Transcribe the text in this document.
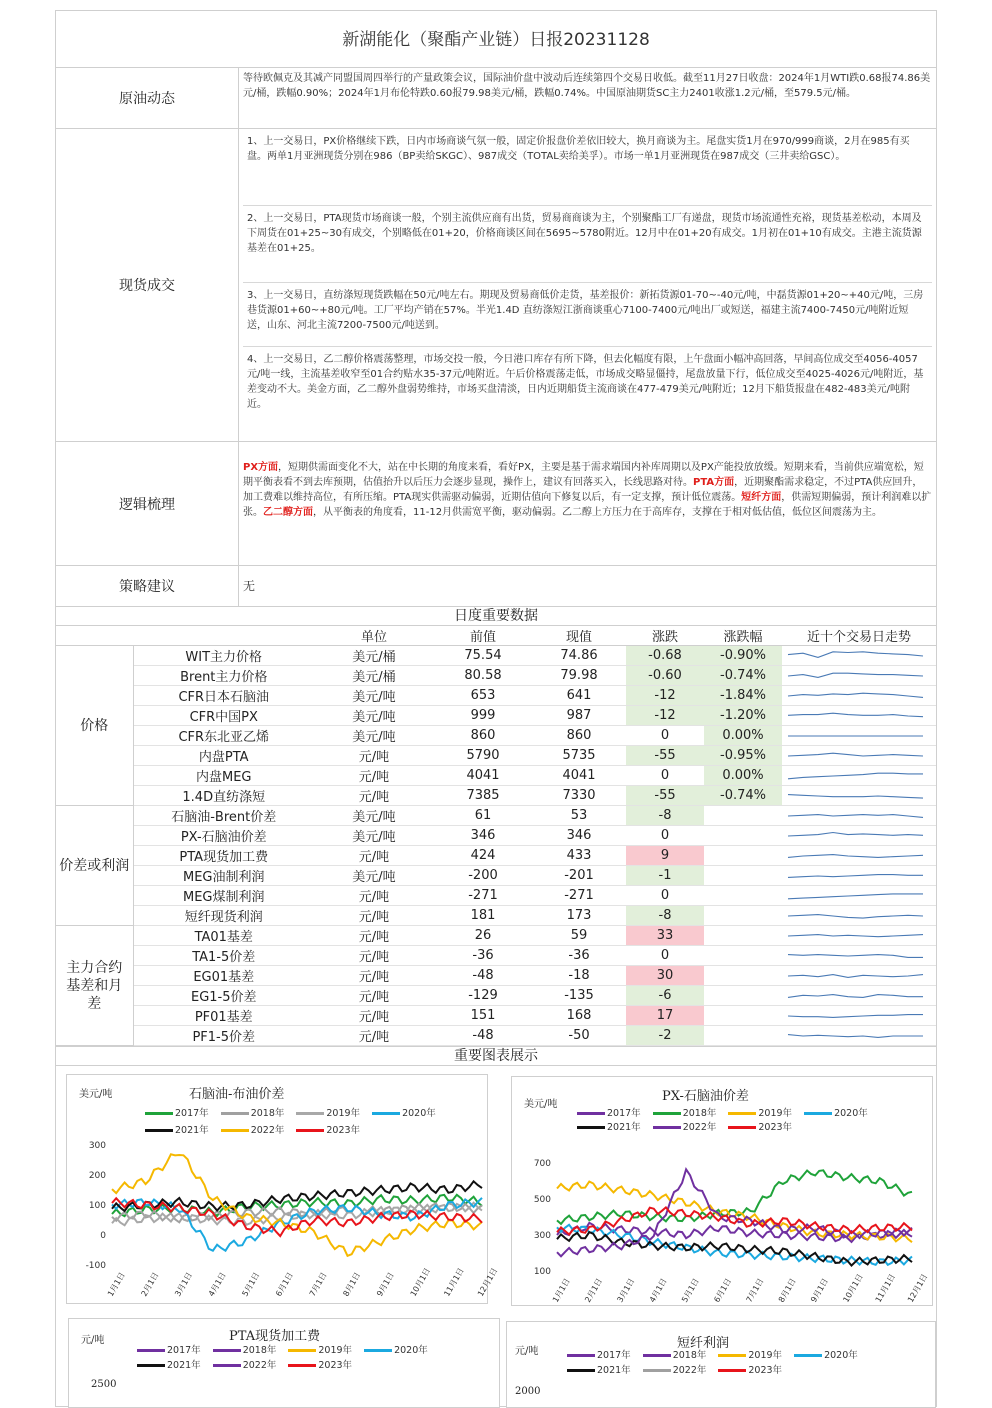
新湖能化（聚酯产业链）日报20231128
原油动态
等待欧佩克及其减产同盟国周四举行的产量政策会议，国际油价盘中波动后连续第四个交易日收低。截至11月27日收盘：2024年1月WTI跌0.68报74.86美元/桶，跌幅0.90%；2024年1月布伦特跌0.60报79.98美元/桶，跌幅0.74%。中国原油期货SC主力2401收涨1.2元/桶，至579.5元/桶。
现货成交
1、上一交易日，PX价格继续下跌，日内市场商谈气氛一般，固定价报盘价差依旧较大，换月商谈为主。尾盘实货1月在970/999商谈，2月在985有买盘。两单1月亚洲现货分别在986（BP卖给SKGC）、987成交（TOTAL卖给美孚）。市场一单1月亚洲现货在987成交（三井卖给GSC）。
2、上一交易日，PTA现货市场商谈一般，个别主流供应商有出货，贸易商商谈为主，个别聚酯工厂有递盘，现货市场流通性充裕，现货基差松动，本周及下周货在01+25~30有成交，个别略低在01+20，价格商谈区间在5695~5780附近。12月中在01+20有成交。1月初在01+10有成交。主港主流货源基差在01+25。
3、上一交易日，直纺涤短现货跌幅在50元/吨左右。期现及贸易商低价走货，基差报价：新拓货源01-70~-40元/吨，中磊货源01+20~+40元/吨，三房巷货源01+60~+80元/吨。工厂平均产销在57%。半光1.4D 直纺涤短江浙商谈重心7100-7400元/吨出厂或短送，福建主流7400-7450元/吨附近短送，山东、河北主流7200-7500元/吨送到。
4、上一交易日，乙二醇价格震荡整理，市场交投一般，今日港口库存有所下降，但去化幅度有限，上午盘面小幅冲高回落，早间高位成交至4056-4057元/吨一线，主流基差收窄至01合约贴水35-37元/吨附近。午后价格震荡走低，市场成交略显僵持，尾盘放量下行，低位成交至4025-4026元/吨附近，基差变动不大。美金方面，乙二醇外盘弱势维持，市场买盘清淡，日内近期船货主流商谈在477-479美元/吨附近；12月下船货报盘在482-483美元/吨附近。
逻辑梳理
PX方面，短期供需面变化不大，站在中长期的角度来看，看好PX，主要是基于需求端国内补库周期以及PX产能投放放缓。短期来看，当前供应端宽松，短期平衡表看不到去库预期，估值抬升以后压力会逐步显现，操作上，建议有回落买入，长线思路对待。PTA方面，近期聚酯需求稳定，不过PTA供应回升，加工费难以维持高位，有所压缩。PTA现实供需驱动偏弱，近期估值向下修复以后，有一定支撑，预计低位震荡。短纤方面，供需短期偏弱，预计利润难以扩张。乙二醇方面，从平衡表的角度看，11-12月供需宽平衡，驱动偏弱。乙二醇上方压力在于高库存，支撑在于相对低估值，低位区间震荡为主。
策略建议	无
日度重要数据
		单位	前值	现值	涨跌	涨跌幅	近十个交易日走势
价格	WIT主力价格	美元/桶	75.54	74.86	-0.68	-0.90%	

	Brent主力价格	美元/桶	80.58	79.98	-0.60	-0.74%	

	CFR日本石脑油	美元/吨	653	641	-12	-1.84%	

	CFR中国PX	美元/吨	999	987	-12	-1.20%	

	CFR东北亚乙烯	美元/吨	860	860	0	0.00%	

	内盘PTA	元/吨	5790	5735	-55	-0.95%	

	内盘MEG	元/吨	4041	4041	0	0.00%	

	1.4D直纺涤短	元/吨	7385	7330	-55	-0.74%	

价差或利润	石脑油-Brent价差	美元/吨	61	53	-8		

	PX-石脑油价差	美元/吨	346	346	0		

	PTA现货加工费	元/吨	424	433	9		

	MEG油制利润	美元/吨	-200	-201	-1		

	MEG煤制利润	元/吨	-271	-271	0		

	短纤现货利润	元/吨	181	173	-8		

主力合约基差和月差	TA01基差	元/吨	26	59	33		

	TA1-5价差	元/吨	-36	-36	0		

	EG01基差	元/吨	-48	-18	30		

	EG1-5价差	元/吨	-129	-135	-6		

	PF01基差	元/吨	151	168	17		

	PF1-5价差	元/吨	-48	-50	-2		
重要图表展示
美元/吨	石脑油-布油价差
2017年	2018年	2019年	2020年
2021年	2022年	2023年
-100
0
100
200
300
1月1日 2月1日 3月1日 4月1日 5月1日 6月1日 7月1日 8月1日 9月1日 10月1日 11月1日 12月1日
美元/吨
PX-石脑油价差
2017年	2018年	2019年	2020年
2021年	2022年	2023年
100
300
500
700
1月1日 2月1日 3月1日 4月1日 5月1日 6月1日 7月1日 8月1日 9月1日 10月1日 11月1日 12月1日
元/吨	PTA现货加工费
2017年	2018年	2019年	2020年
2021年	2022年	2023年
2500
元/吨
短纤利润
2017年	2018年	2019年	2020年
2021年	2022年	2023年
2000
